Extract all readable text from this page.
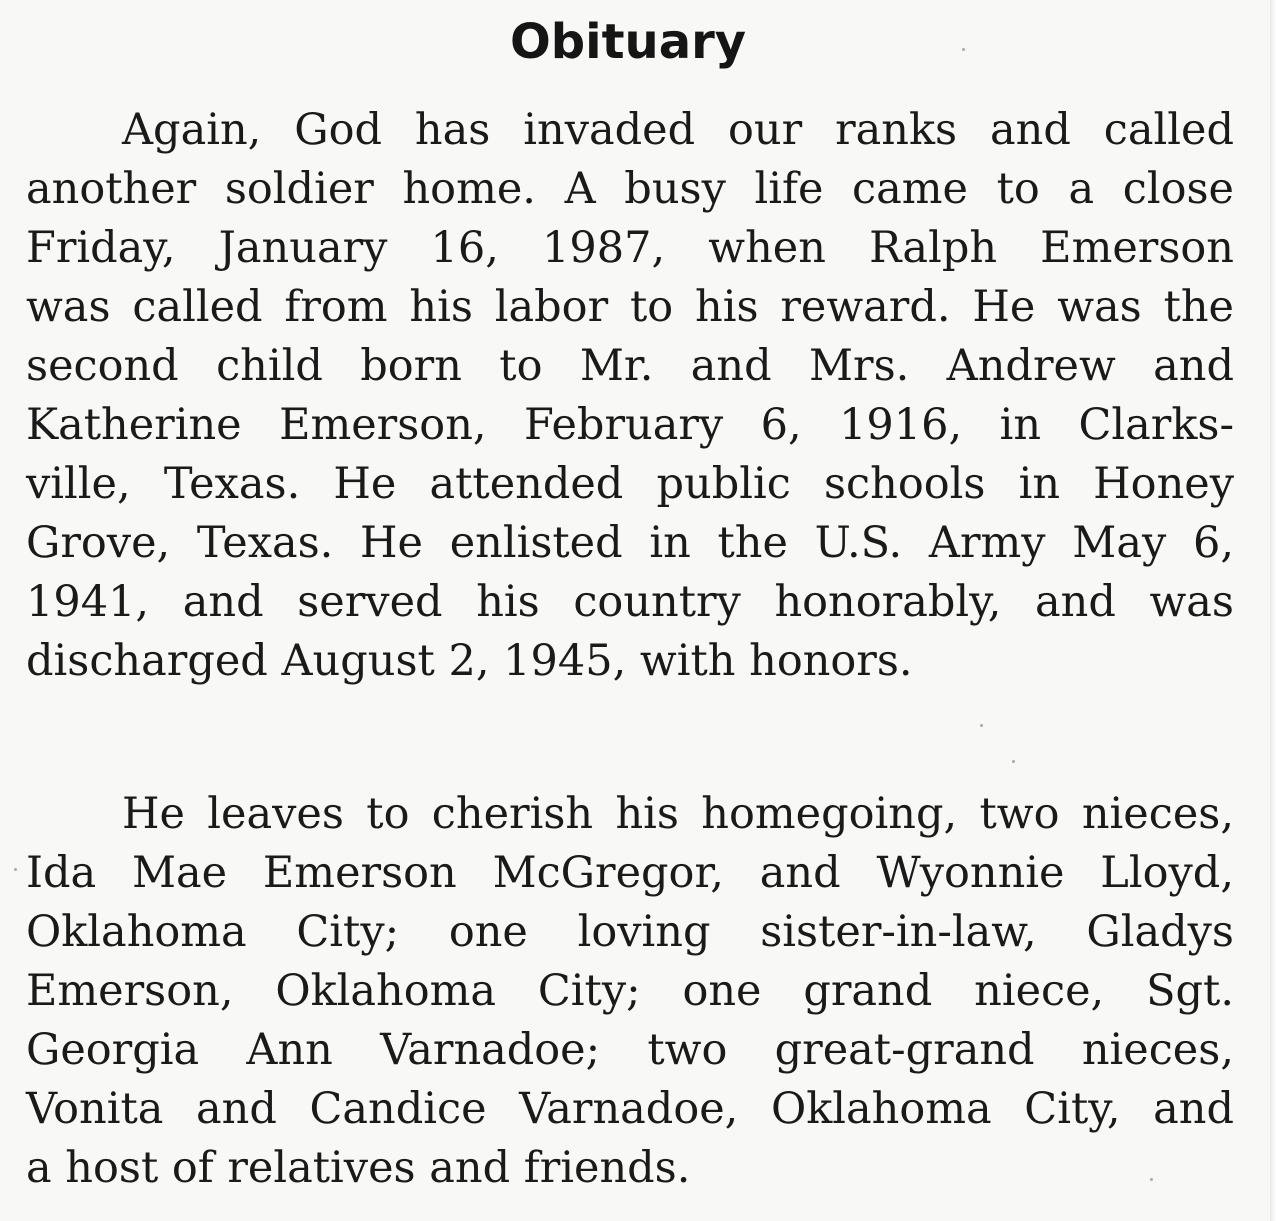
Obituary
Again, God has invaded our ranks and called
another soldier home. A busy life came to a close
Friday, January 16, 1987, when Ralph Emerson
was called from his labor to his reward. He was the
second child born to Mr. and Mrs. Andrew and
Katherine Emerson, February 6, 1916, in Clarks-
ville, Texas. He attended public schools in Honey
Grove, Texas. He enlisted in the U.S. Army May 6,
1941, and served his country honorably, and was
discharged August 2, 1945, with honors.
He leaves to cherish his homegoing, two nieces,
Ida Mae Emerson McGregor, and Wyonnie Lloyd,
Oklahoma City; one loving sister-in-law, Gladys
Emerson, Oklahoma City; one grand niece, Sgt.
Georgia Ann Varnadoe; two great-grand nieces,
Vonita and Candice Varnadoe, Oklahoma City, and
a host of relatives and friends.
